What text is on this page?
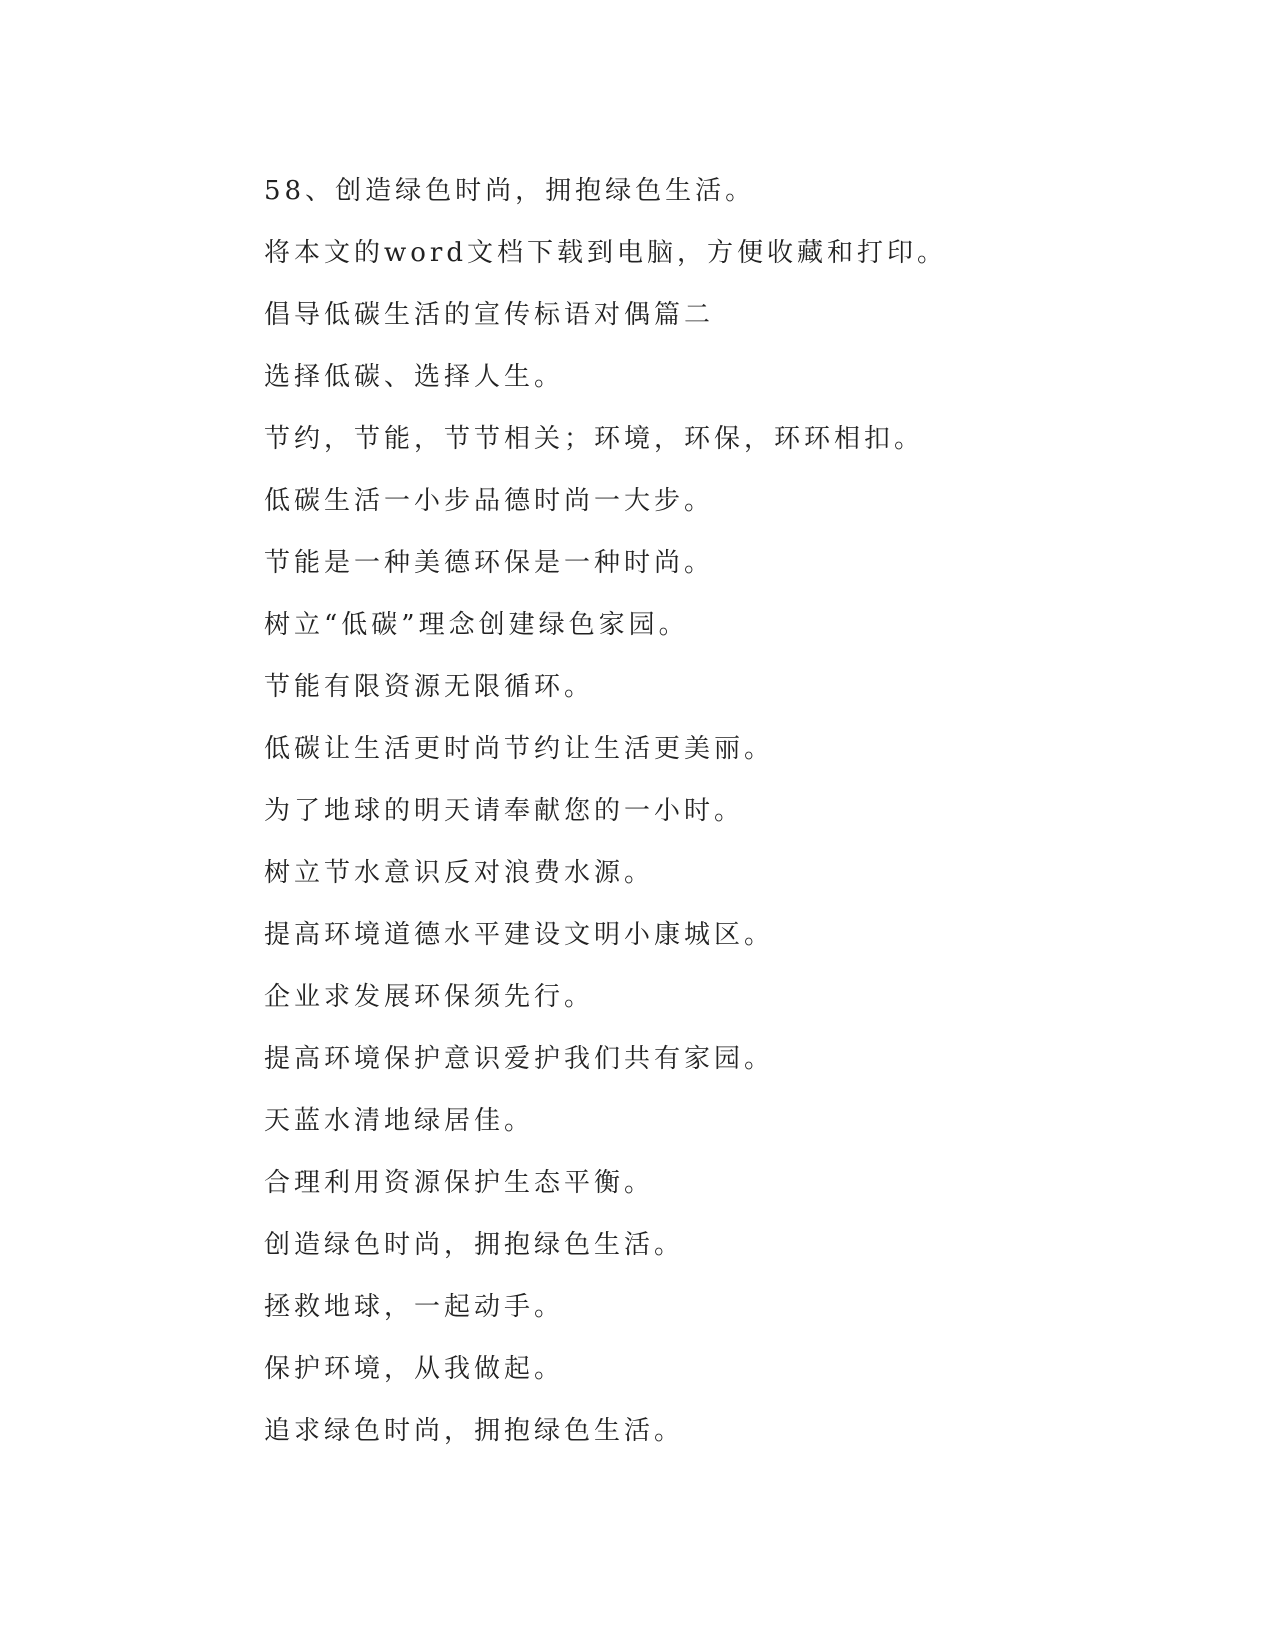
58、创造绿色时尚，拥抱绿色生活。
将本文的word文档下载到电脑，方便收藏和打印。
倡导低碳生活的宣传标语对偶篇二
选择低碳、选择人生。
节约，节能，节节相关；环境，环保，环环相扣。
低碳生活一小步品德时尚一大步。
节能是一种美德环保是一种时尚。
树立“低碳”理念创建绿色家园。
节能有限资源无限循环。
低碳让生活更时尚节约让生活更美丽。
为了地球的明天请奉献您的一小时。
树立节水意识反对浪费水源。
提高环境道德水平建设文明小康城区。
企业求发展环保须先行。
提高环境保护意识爱护我们共有家园。
天蓝水清地绿居佳。
合理利用资源保护生态平衡。
创造绿色时尚，拥抱绿色生活。
拯救地球，一起动手。
保护环境，从我做起。
追求绿色时尚，拥抱绿色生活。
